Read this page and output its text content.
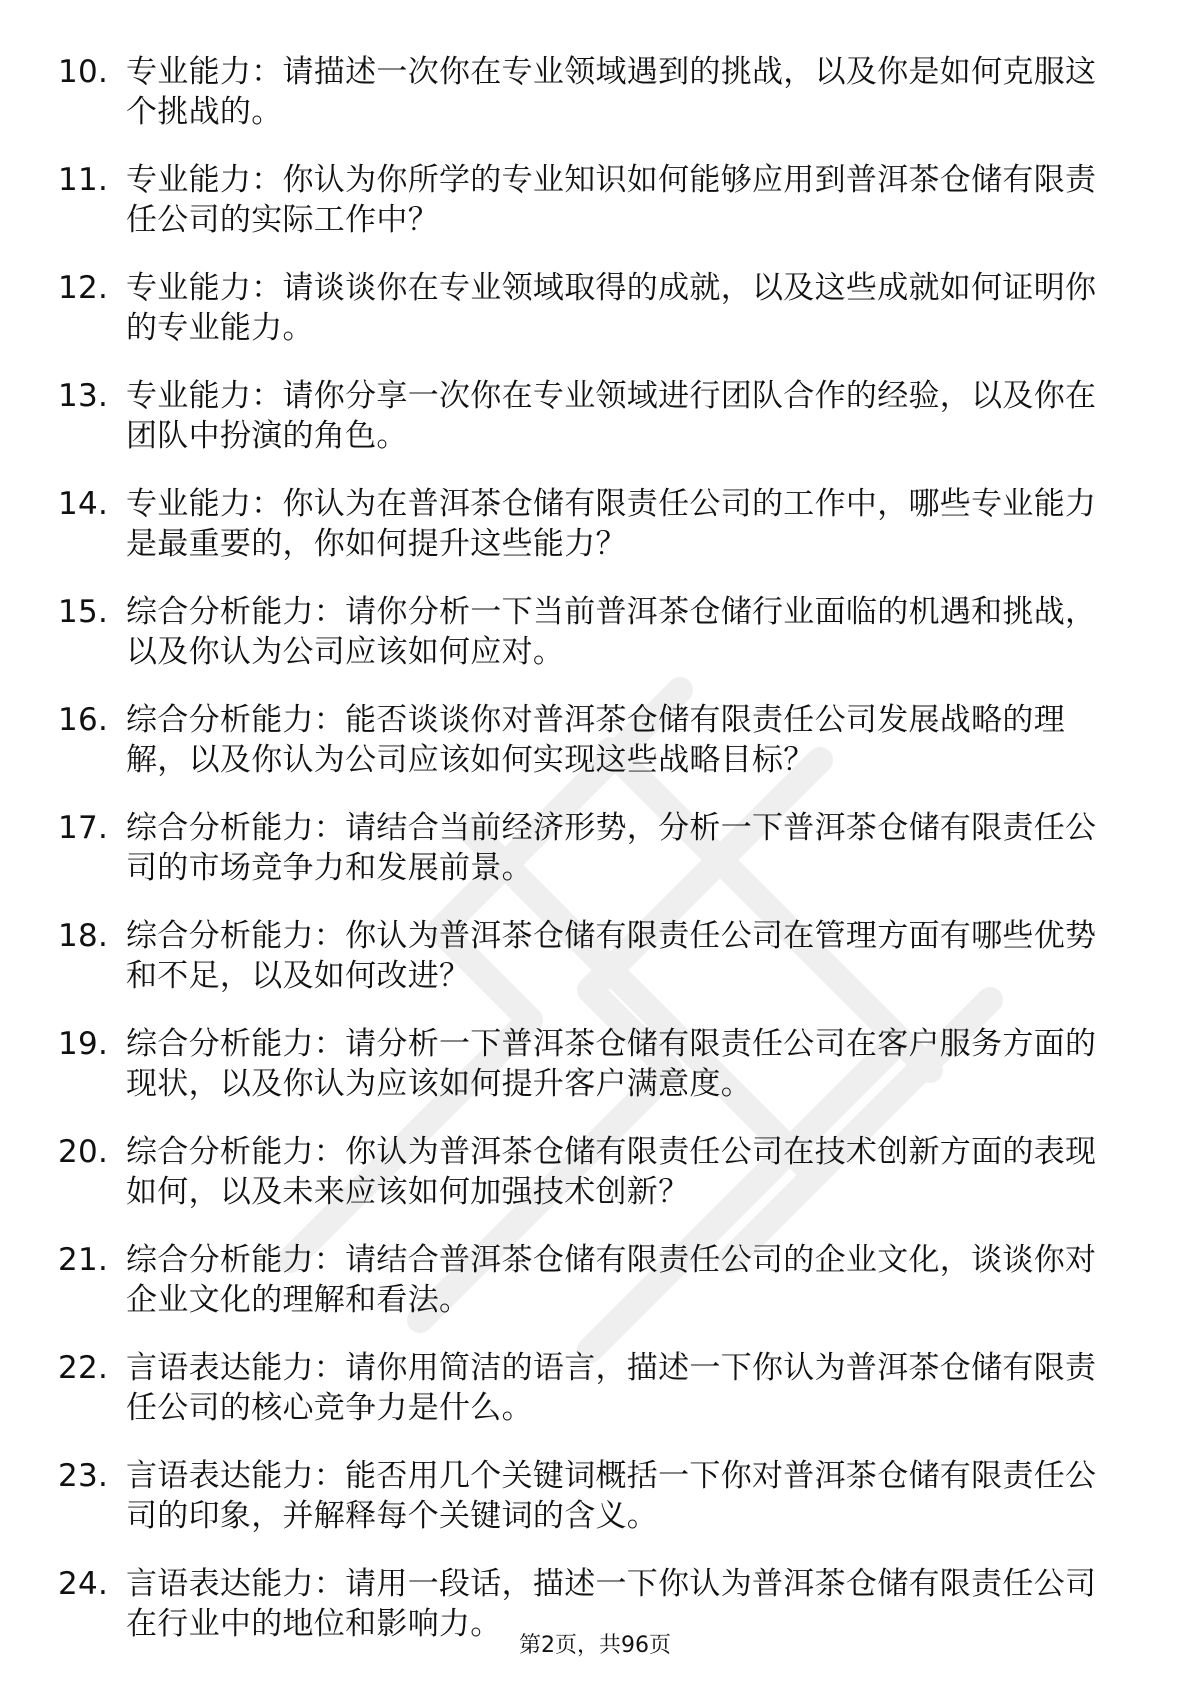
10. 专业能力：请描述一次你在专业领域遇到的挑战，以及你是如何克服这个挑战的。
11. 专业能力：你认为你所学的专业知识如何能够应用到普洱茶仓储有限责任公司的实际工作中？
12. 专业能力：请谈谈你在专业领域取得的成就，以及这些成就如何证明你的专业能力。
13. 专业能力：请你分享一次你在专业领域进行团队合作的经验，以及你在团队中扮演的角色。
14. 专业能力：你认为在普洱茶仓储有限责任公司的工作中，哪些专业能力是最重要的，你如何提升这些能力？
15. 综合分析能力：请你分析一下当前普洱茶仓储行业面临的机遇和挑战，以及你认为公司应该如何应对。
16. 综合分析能力：能否谈谈你对普洱茶仓储有限责任公司发展战略的理解，以及你认为公司应该如何实现这些战略目标？
17. 综合分析能力：请结合当前经济形势，分析一下普洱茶仓储有限责任公司的市场竞争力和发展前景。
18. 综合分析能力：你认为普洱茶仓储有限责任公司在管理方面有哪些优势和不足，以及如何改进？
19. 综合分析能力：请分析一下普洱茶仓储有限责任公司在客户服务方面的现状，以及你认为应该如何提升客户满意度。
20. 综合分析能力：你认为普洱茶仓储有限责任公司在技术创新方面的表现如何，以及未来应该如何加强技术创新？
21. 综合分析能力：请结合普洱茶仓储有限责任公司的企业文化，谈谈你对企业文化的理解和看法。
22. 言语表达能力：请你用简洁的语言，描述一下你认为普洱茶仓储有限责任公司的核心竞争力是什么。
23. 言语表达能力：能否用几个关键词概括一下你对普洱茶仓储有限责任公司的印象，并解释每个关键词的含义。
24. 言语表达能力：请用一段话，描述一下你认为普洱茶仓储有限责任公司在行业中的地位和影响力。
第2页，共96页
